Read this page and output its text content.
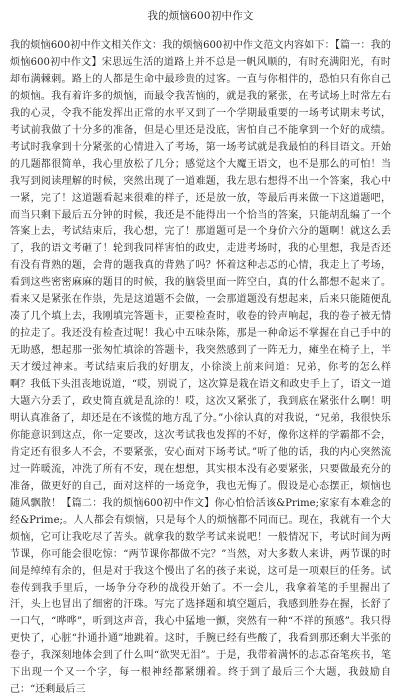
我的烦恼600初中作文

我的烦恼600初中作文相关作文：我的烦恼600初中作文范文内容如下：【篇一：我的烦恼600初中作文】宋思远生活的道路上并不总是一帆风顺的，有时充满阳光，有时却布满棘刺。路上的人都是生命中最珍贵的过客。一直与你相伴的，恐怕只有你自己的烦恼。我有着许多的烦恼，而最令我苦恼的，就是我的紧张，在考试场上时常左右我的心灵，令我不能发挥出正常的水平又到了一个学期最重要的一场考试期末考试，考试前我做了十分多的准备，但是心里还是没底，害怕自己不能拿到一个好的成绩。考试时我拿到十分紧张的心情进入了考场，第一场考试就是我最怕的科目语文。开始的几题都很简单，我心里放松了几分；感觉这个大魔王语文，也不是那么的可怕！当我写到阅读理解的时候，突然出现了一道难题，我左思右想得不出一个答案，我心中一紧，完了！这道题看起来很难的样子，还是放一放，等最后再来做一下这道题吧，而当只剩下最后五分钟的时候，我还是不能得出一个恰当的答案，只能胡乱编了一个答案上去，考试结束后，我心想，完了！那道题可是一个身价六分的题啊！就这么丢了，我的语文考砸了！轮到我同样害怕的政史，走进考场时，我的心里想，我是否还有没有背熟的题，会背的题我真的背熟了吗？怀着这种忐忑的心情，我走上了考场，看到这些密密麻麻的题目的时候，我的脑袋里面一阵空白，真的什么都想不起来了。看来又是紧张在作祟，先是这道题不会做，一会那道题没有想起来，后来只能随便乱凑了几个填上去，我刚填完答题卡，正要检查时，收卷的铃声响起，我的卷子被无情的拉走了。我还没有检查过呢！我心中五味杂陈，那是一种命运不掌握在自己手中的无助感，想起那一张匆忙填涂的答题卡，我突然感到了一阵无力，瘫坐在椅子上，半天才缓过神来。考试结束后我的好朋友，小徐淡上前来问道：兄弟，你考的怎么样啊？我低下头沮丧地说道，“哎，别说了，这次算是栽在语文和政史手上了，语文一道大题六分丢了，政史简直就是乱涂的！哎，这次又紧张了，我到底在紧张什么啊！明明认真准备了，却还是在不该慌的地方乱了分。”小徐认真的对我说，“兄弟，我很快乐你能意识到这点，你一定要改，这次考试我也发挥的不好，像你这样的学霸都不会，肯定还有很多人不会，不要紧张，安心面对下场考试。”听了他的话，我的内心突然流过一阵暖流，冲洗了所有不安，现在想想，其实根本没有必要紧张，只要做最充分的准备，做更好的自己，面对这样的一场竞争，我也无悔了。假设是心态摆正，烦恼也随风飘散！【篇二：我的烦恼600初中作文】你心怕恰活该&Prime;家家有本难念的经&Prime;。人人都会有烦恼，只是每个人的烦恼都不同而已。现在，我就有一个大烦恼，它可让我吃尽了苦头。就拿我的数学考试来说吧！一般情况下，考试时间为两节课，你可能会很吃惊：“两节课你都做不完？”当然，对大多数人来讲，两节课的时间是绰绰有余的，但是对于我这个慢出了名的孩子来说，这可是一项艰巨的任务。试卷传到我手里后，一场争分夺秒的战役开始了。不一会儿，我拿着笔的手里握出了汗，头上也冒出了细密的汗珠。写完了选择题和填空题后，我感到胜券在握，长舒了一口气，“哗哗”，听到这声音，我心中猛地一颤，突然有一种“不祥的预感”。我只得更快了，心脏“扑通扑通”地跳着。这时，手腕已经有些酸了，我看到那还剩大半张的卷子，我深刻地体会到了什么叫“欲哭无泪”。于是，我带着满怀的忐忑奋笔疾书，笔下出现一个又一个字，每一根神经都紧绷着。终于到了最后三个大题，我鼓励自己：“还剩最后三
